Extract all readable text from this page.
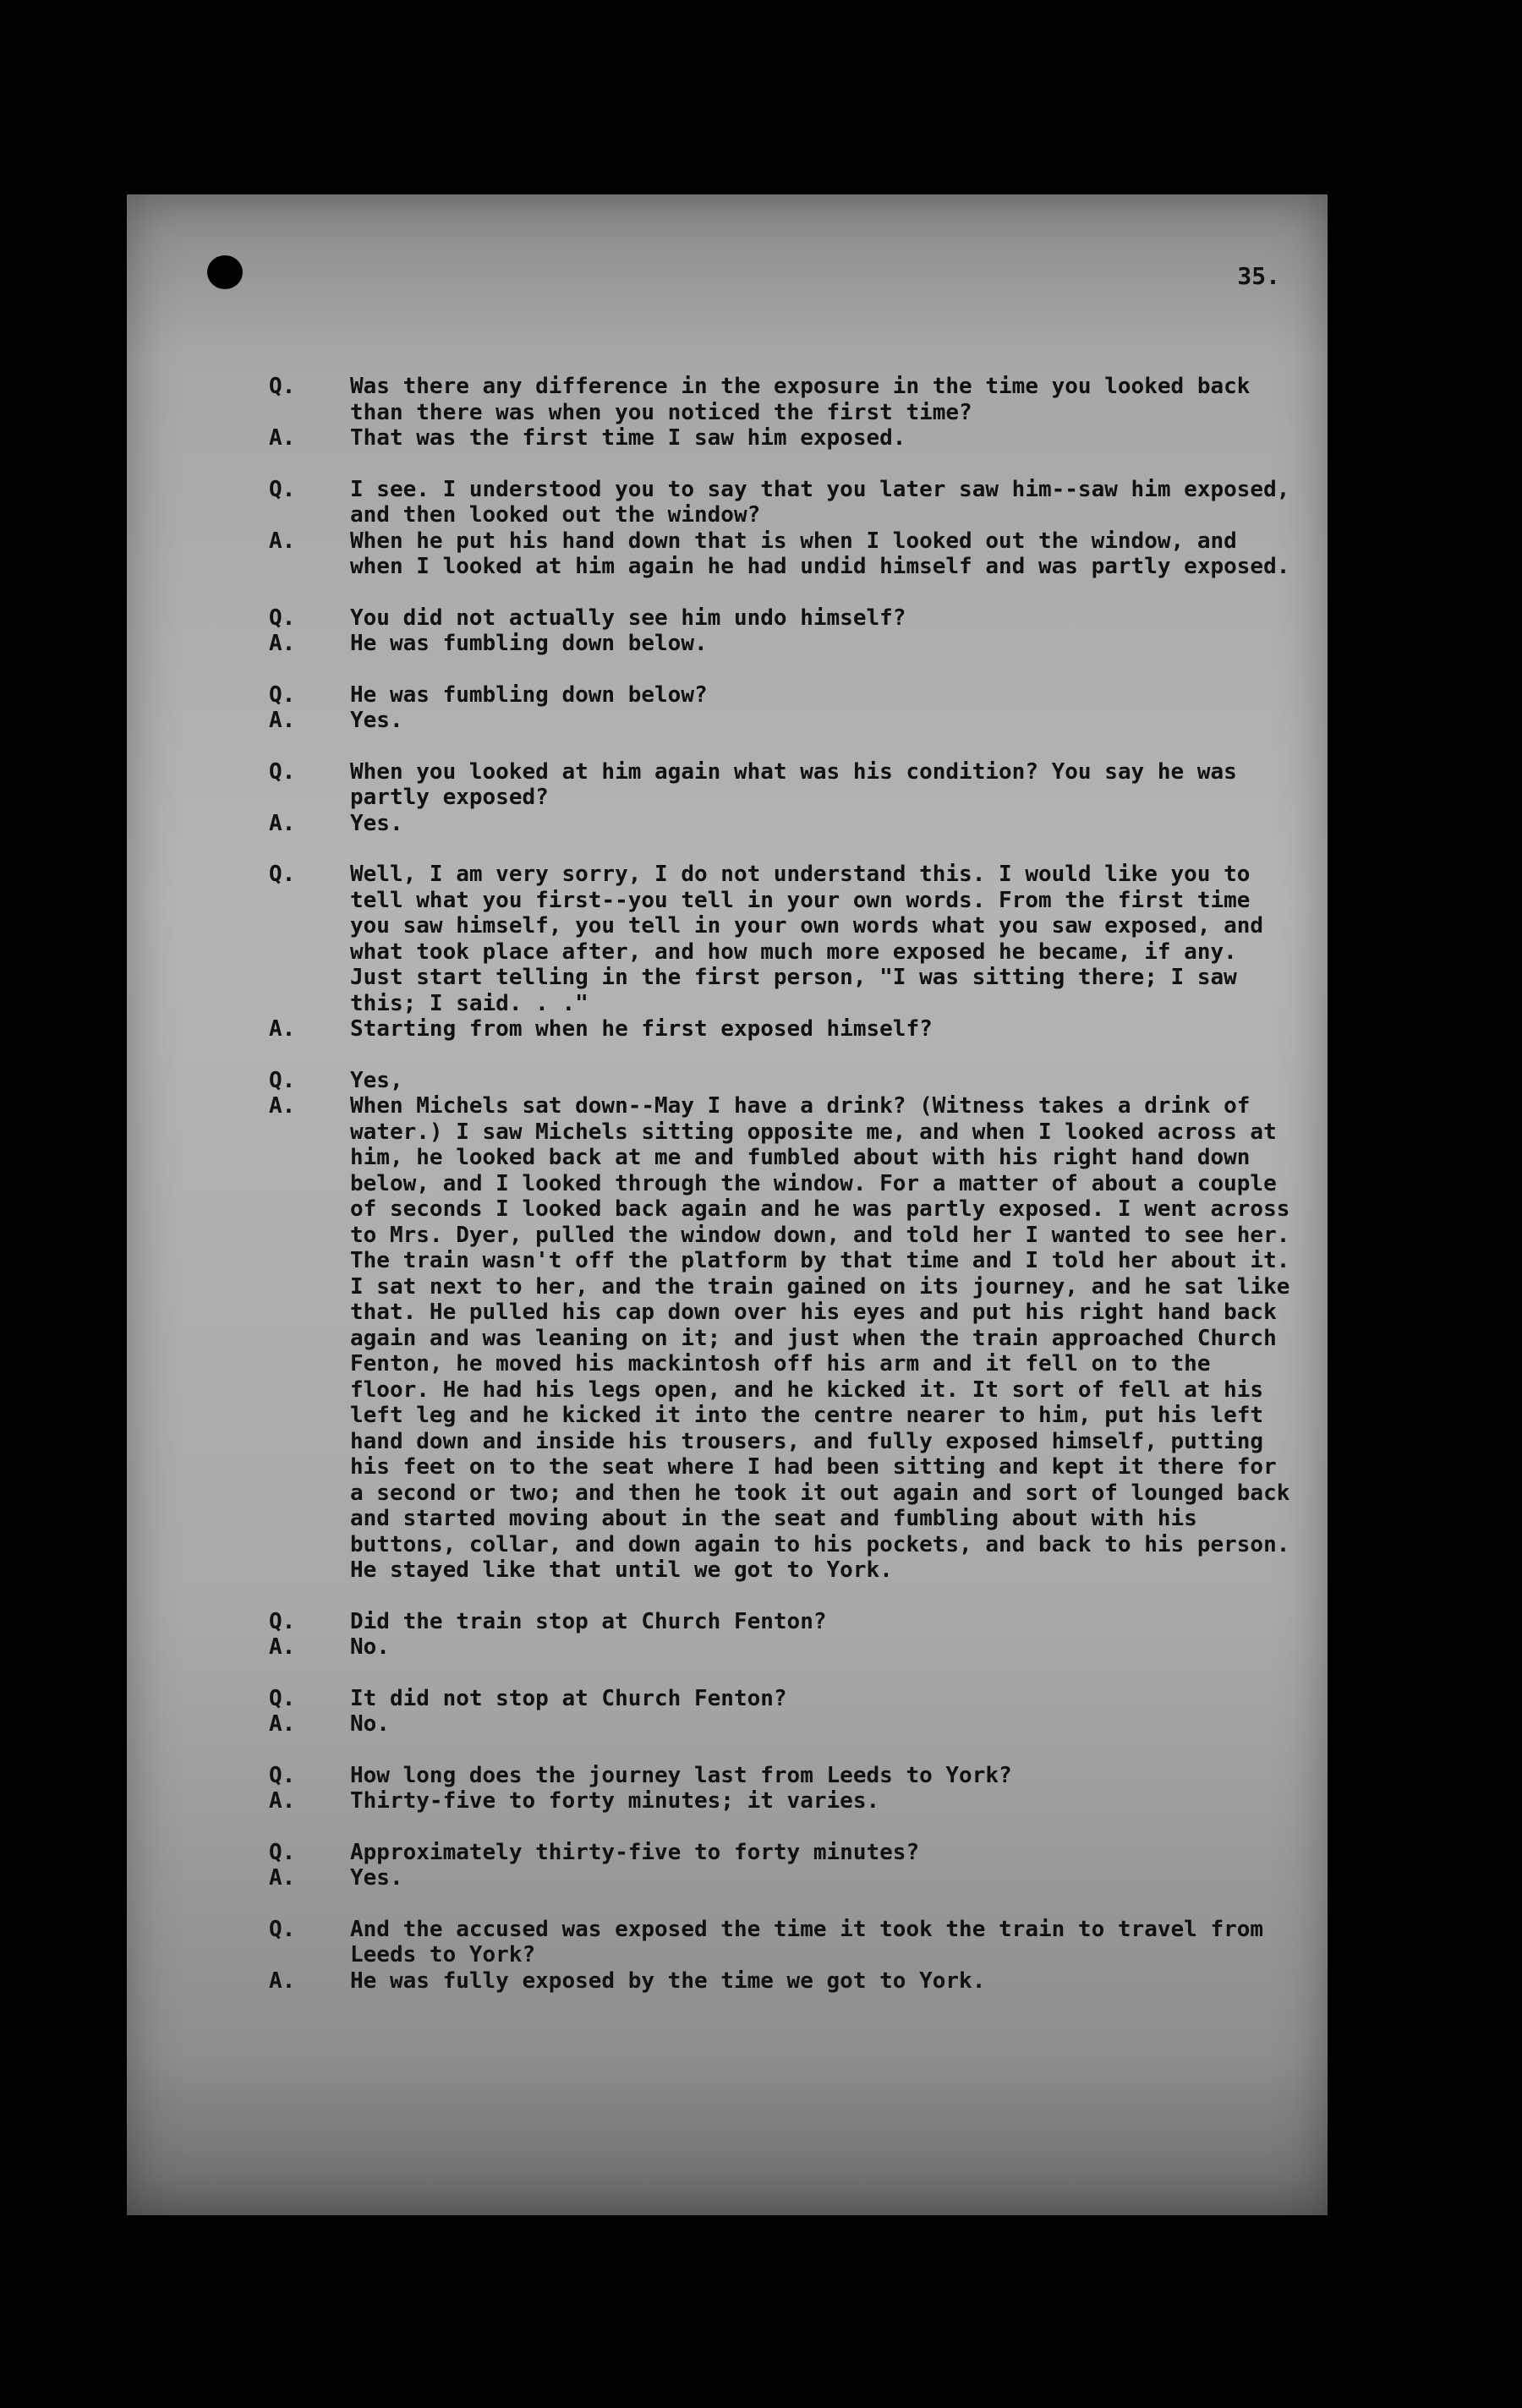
35.
Q.	Was there any difference in the exposure in the time you looked back than there was when you noticed the first time?
A.	That was the first time I saw him exposed.
Q.	I see. I understood you to say that you later saw him--saw him exposed, and then looked out the window?
A.	When he put his hand down that is when I looked out the window, and when I looked at him again he had undid himself and was partly exposed.
Q.	You did not actually see him undo himself?
A.	He was fumbling down below.
Q.	He was fumbling down below?
A.	Yes.
Q.	When you looked at him again what was his condition? You say he was partly exposed?
A.	Yes.
Q.	Well, I am very sorry, I do not understand this. I would like you to tell what you first--you tell in your own words. From the first time you saw himself, you tell in your own words what you saw exposed, and what took place after, and how much more exposed he became, if any. Just start telling in the first person, "I was sitting there; I saw this; I said. . ."
A.	Starting from when he first exposed himself?
Q.	Yes,
A.	When Michels sat down--May I have a drink? (Witness takes a drink of water.) I saw Michels sitting opposite me, and when I looked across at him, he looked back at me and fumbled about with his right hand down below, and I looked through the window. For a matter of about a couple of seconds I looked back again and he was partly exposed. I went across to Mrs. Dyer, pulled the window down, and told her I wanted to see her. The train wasn't off the platform by that time and I told her about it. I sat next to her, and the train gained on its journey, and he sat like that. He pulled his cap down over his eyes and put his right hand back again and was leaning on it; and just when the train approached Church Fenton, he moved his mackintosh off his arm and it fell on to the floor. He had his legs open, and he kicked it. It sort of fell at his left leg and he kicked it into the centre nearer to him, put his left hand down and inside his trousers, and fully exposed himself, putting his feet on to the seat where I had been sitting and kept it there for a second or two; and then he took it out again and sort of lounged back and started moving about in the seat and fumbling about with his buttons, collar, and down again to his pockets, and back to his person. He stayed like that until we got to York.
Q.	Did the train stop at Church Fenton?
A.	No.
Q.	It did not stop at Church Fenton?
A.	No.
Q.	How long does the journey last from Leeds to York?
A.	Thirty-five to forty minutes; it varies.
Q.	Approximately thirty-five to forty minutes?
A.	Yes.
Q.	And the accused was exposed the time it took the train to travel from Leeds to York?
A.	He was fully exposed by the time we got to York.
